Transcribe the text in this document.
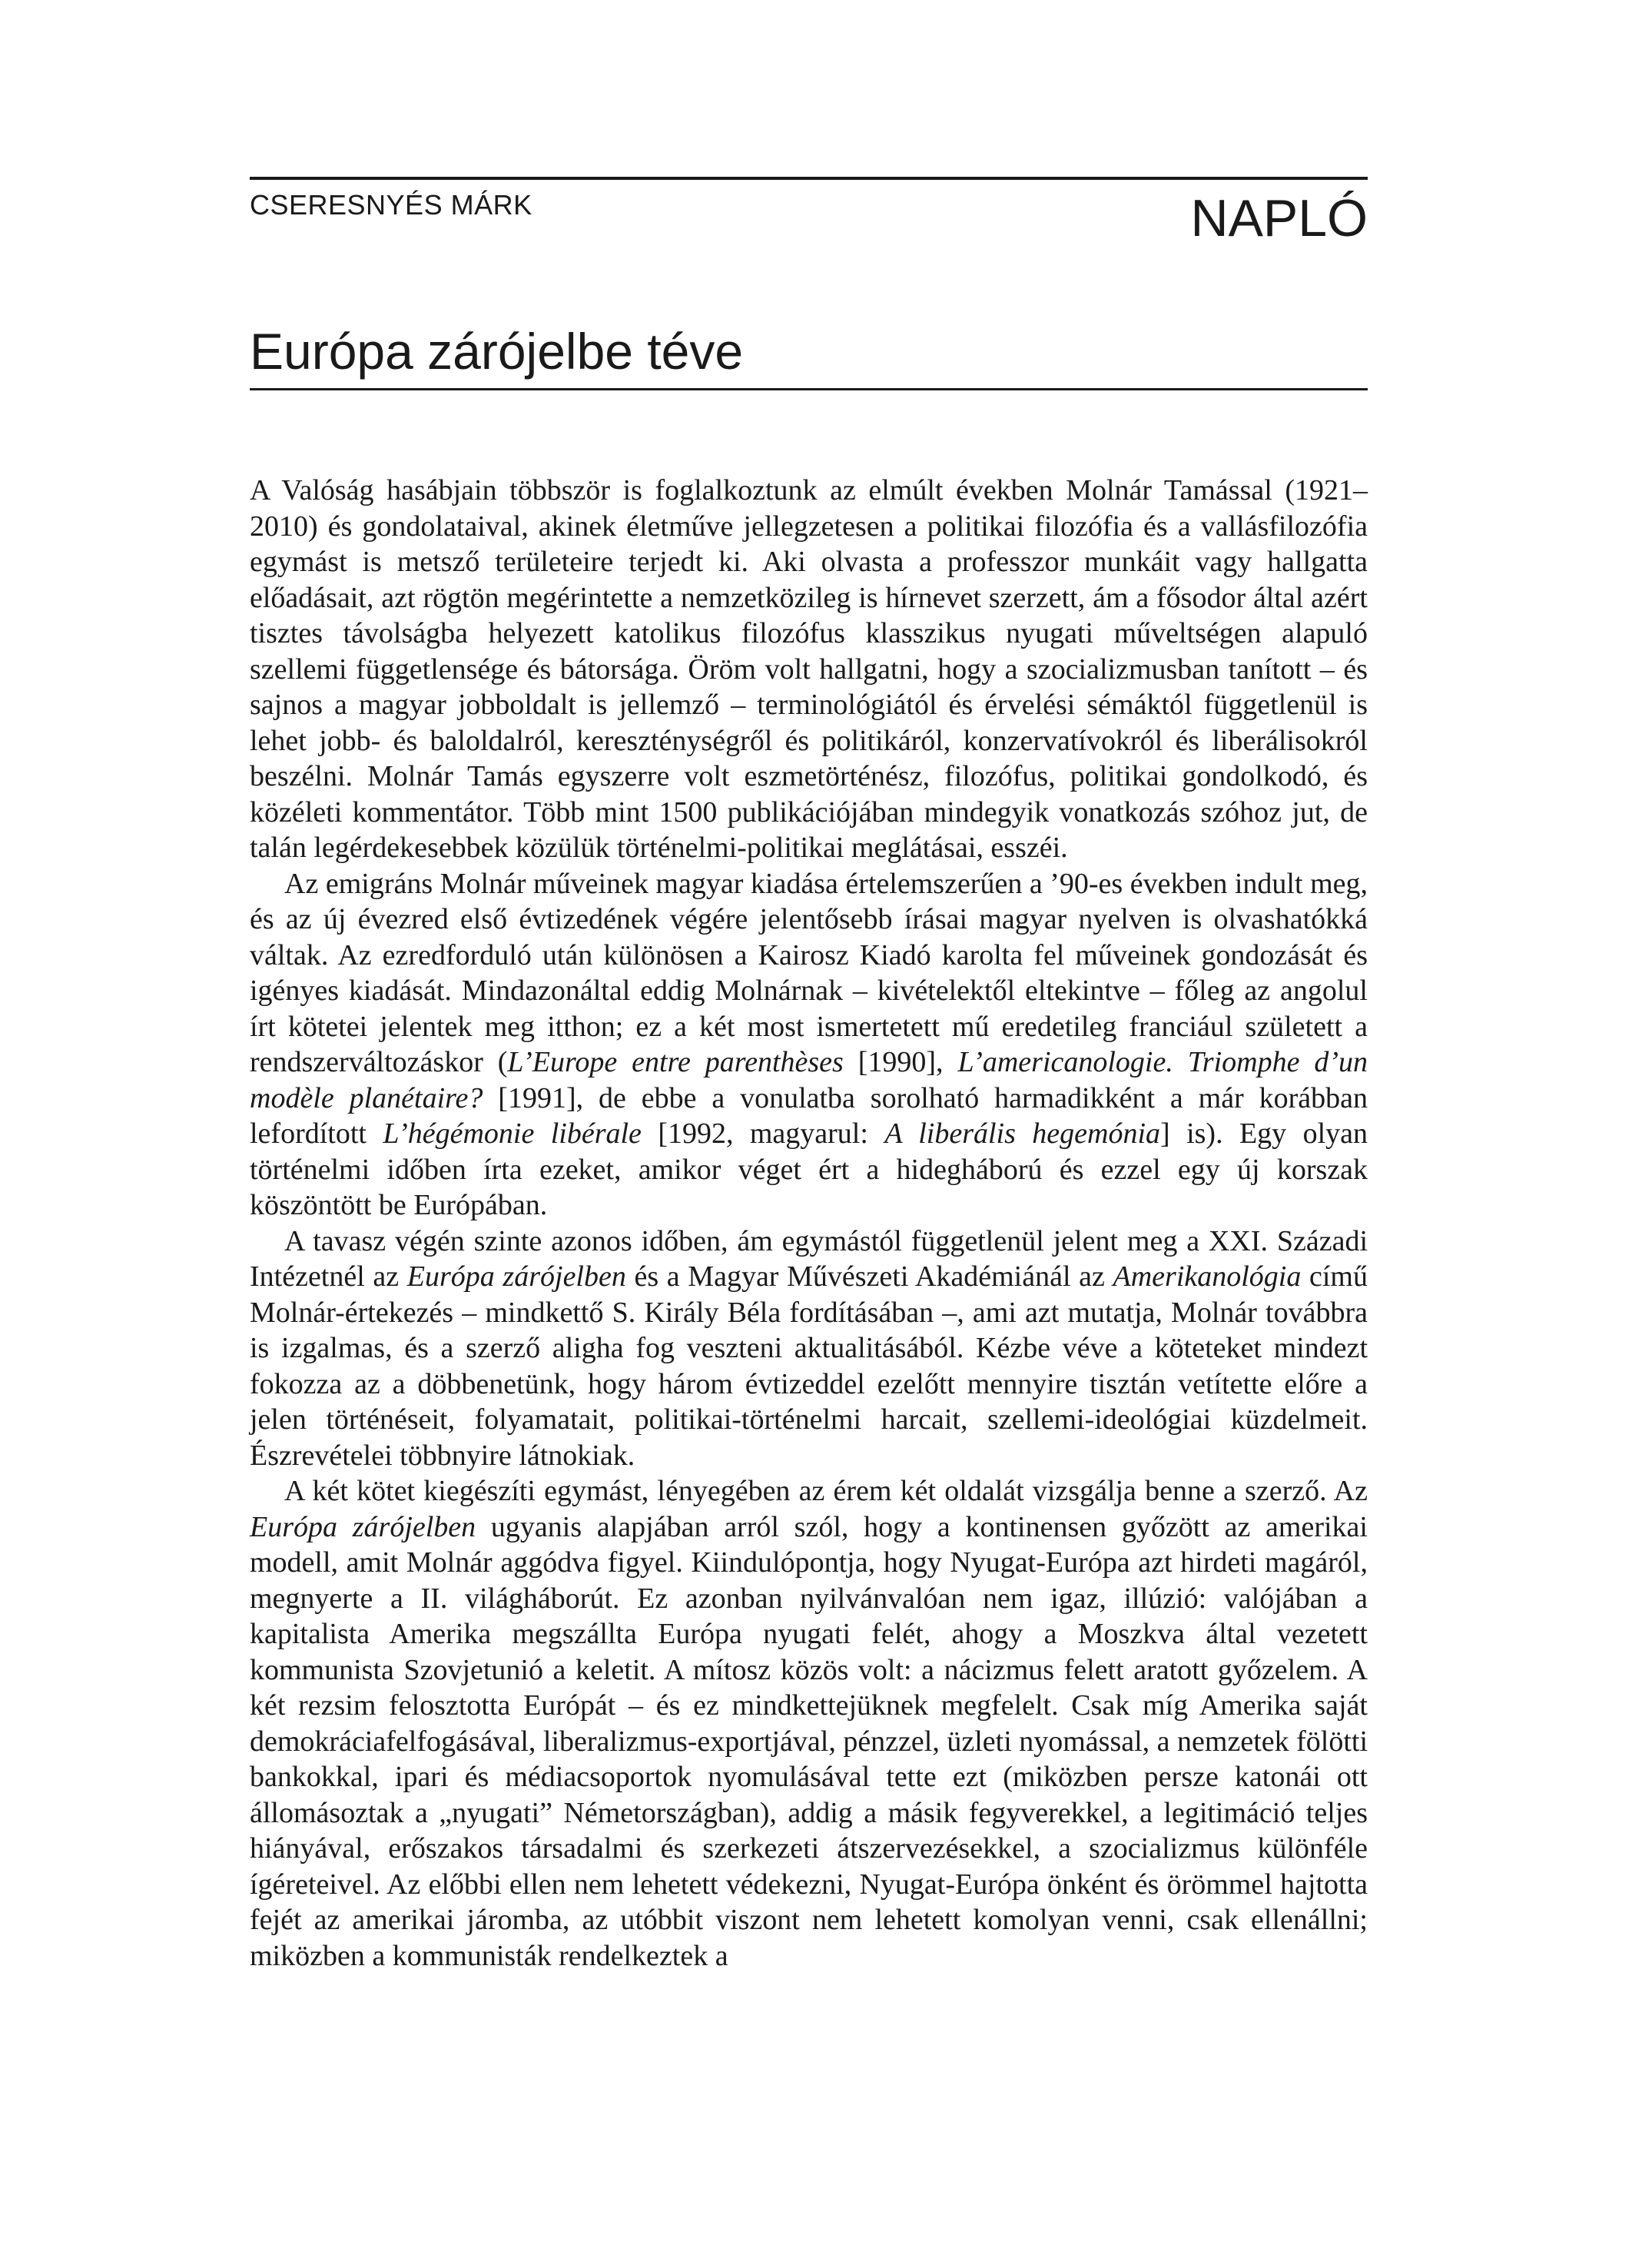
CSERESNYÉS MÁRK	NAPLÓ
Európa zárójelbe téve

A Valóság hasábjain többször is foglalkoztunk az elmúlt években Molnár Tamással (1921–2010) és gondolataival, akinek életműve jellegzetesen a politikai filozófia és a vallásfilozófia egymást is metsző területeire terjedt ki. Aki olvasta a professzor munkáit vagy hallgatta előadásait, azt rögtön megérintette a nemzetközileg is hírnevet szerzett, ám a fősodor által azért tisztes távolságba helyezett katolikus filozófus klasszikus nyugati műveltségen alapuló szellemi függetlensége és bátorsága. Öröm volt hallgatni, hogy a szocializmusban tanított – és sajnos a magyar jobboldalt is jellemző – terminológiától és érvelési sémáktól függetlenül is lehet jobb- és baloldalról, kereszténységről és politikáról, konzervatívokról és liberálisokról beszélni. Molnár Tamás egyszerre volt eszmetörténész, filozófus, politikai gondolkodó, és közéleti kommentátor. Több mint 1500 publikációjában mindegyik vonatkozás szóhoz jut, de talán legérdekesebbek közülük történelmi-politikai meglátásai, esszéi.

Az emigráns Molnár műveinek magyar kiadása értelemszerűen a ’90-es években indult meg, és az új évezred első évtizedének végére jelentősebb írásai magyar nyelven is olvashatókká váltak. Az ezredforduló után különösen a Kairosz Kiadó karolta fel műveinek gondozását és igényes kiadását. Mindazonáltal eddig Molnárnak – kivételektől eltekintve – főleg az angolul írt kötetei jelentek meg itthon; ez a két most ismertetett mű eredetileg franciául született a rendszerváltozáskor (L’Europe entre parenthèses [1990], L’americanologie. Triomphe d’un modèle planétaire? [1991], de ebbe a vonulatba sorolható harmadikként a már korábban lefordított L’hégémonie libérale [1992, magyarul: A liberális hegemónia] is). Egy olyan történelmi időben írta ezeket, amikor véget ért a hidegháború és ezzel egy új korszak köszöntött be Európában.

A tavasz végén szinte azonos időben, ám egymástól függetlenül jelent meg a XXI. Századi Intézetnél az Európa zárójelben és a Magyar Művészeti Akadémiánál az Amerikanológia című Molnár-értekezés – mindkettő S. Király Béla fordításában –, ami azt mutatja, Molnár továbbra is izgalmas, és a szerző aligha fog veszteni aktualitásából. Kézbe véve a köteteket mindezt fokozza az a döbbenetünk, hogy három évtizeddel ezelőtt mennyire tisztán vetítette előre a jelen történéseit, folyamatait, politikai-történelmi harcait, szellemi-ideológiai küzdelmeit. Észrevételei többnyire látnokiak.

A két kötet kiegészíti egymást, lényegében az érem két oldalát vizsgálja benne a szerző. Az Európa zárójelben ugyanis alapjában arról szól, hogy a kontinensen győzött az amerikai modell, amit Molnár aggódva figyel. Kiindulópontja, hogy Nyugat-Európa azt hirdeti magáról, megnyerte a II. világháborút. Ez azonban nyilvánvalóan nem igaz, illúzió: valójában a kapitalista Amerika megszállta Európa nyugati felét, ahogy a Moszkva által vezetett kommunista Szovjetunió a keletit. A mítosz közös volt: a nácizmus felett aratott győzelem. A két rezsim felosztotta Európát – és ez mindkettejüknek megfelelt. Csak míg Amerika saját demokráciafelfogásával, liberalizmus-exportjával, pénzzel, üzleti nyomással, a nemzetek fölötti bankokkal, ipari és médiacsoportok nyomulásával tette ezt (miközben persze katonái ott állomásoztak a „nyugati” Németországban), addig a másik fegyverekkel, a legitimáció teljes hiányával, erőszakos társadalmi és szerkezeti átszervezésekkel, a szocializmus különféle ígéreteivel. Az előbbi ellen nem lehetett védekezni, Nyugat-Európa önként és örömmel hajtotta fejét az amerikai járomba, az utóbbit viszont nem lehetett komolyan venni, csak ellenállni; miközben a kommunisták rendelkeztek a
